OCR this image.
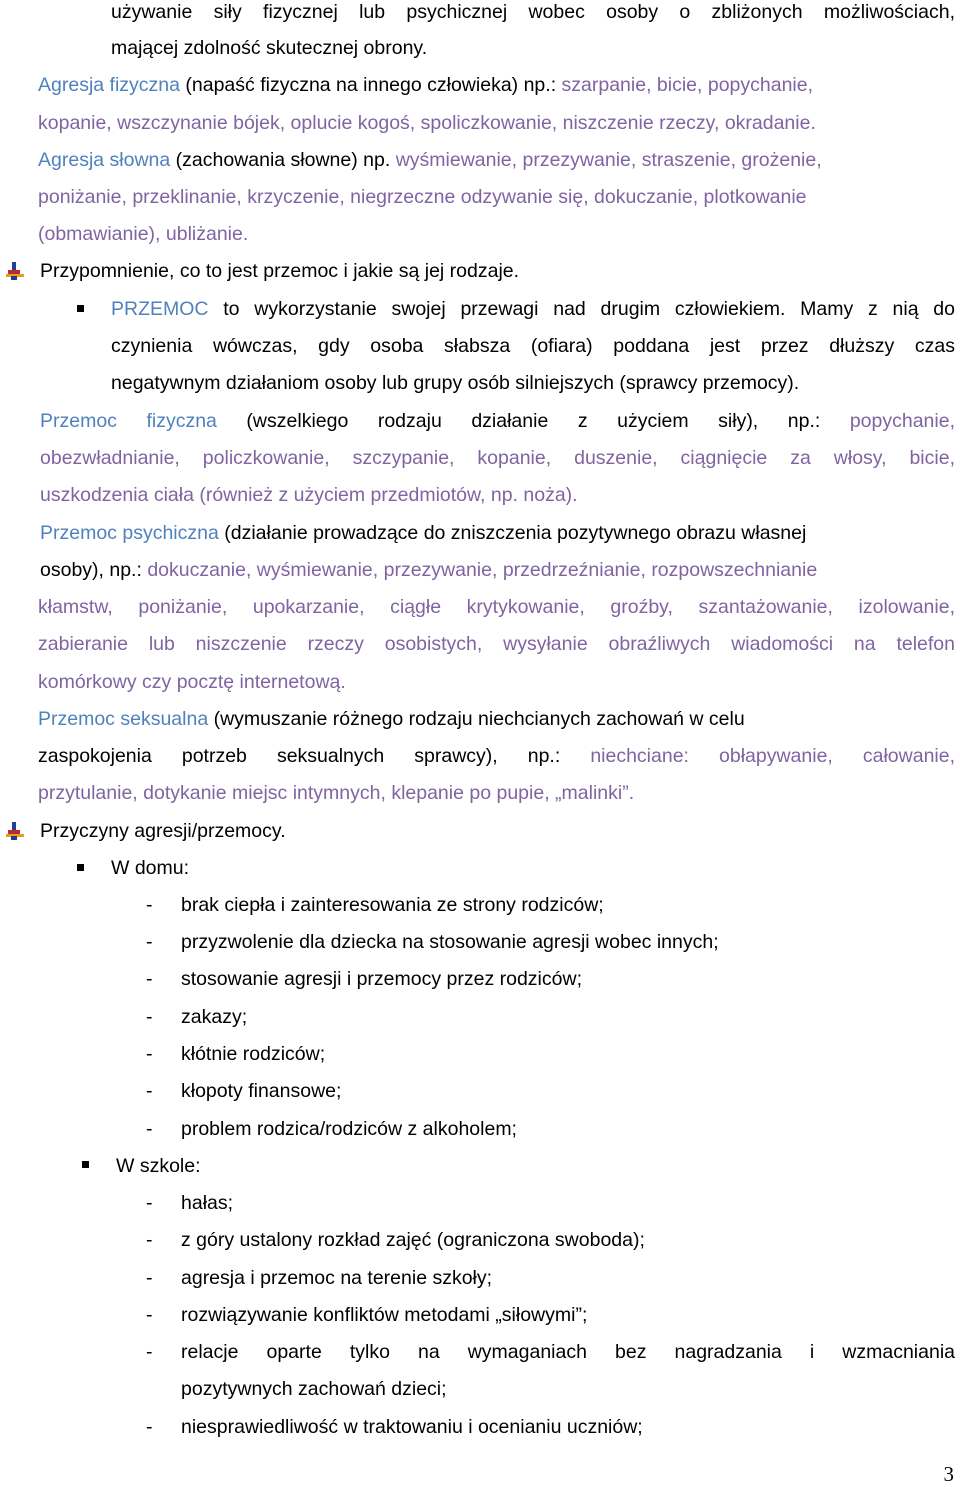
używanie siły fizycznej lub psychicznej wobec osoby o zbliżonych możliwościach,
mającej zdolność skutecznej obrony.
Agresja fizyczna (napaść fizyczna na innego człowieka) np.: szarpanie, bicie, popychanie,
kopanie, wszczynanie bójek, oplucie kogoś, spoliczkowanie, niszczenie rzeczy, okradanie.
Agresja słowna (zachowania słowne) np. wyśmiewanie, przezywanie, straszenie, grożenie,
poniżanie, przeklinanie, krzyczenie, niegrzeczne odzywanie się, dokuczanie, plotkowanie
(obmawianie), ubliżanie.
Przypomnienie, co to jest przemoc i jakie są jej rodzaje.
PRZEMOC to wykorzystanie swojej przewagi nad drugim człowiekiem. Mamy z nią do
czynienia wówczas, gdy osoba słabsza (ofiara) poddana jest przez dłuższy czas
negatywnym działaniom osoby lub grupy osób silniejszych (sprawcy przemocy).
Przemoc fizyczna (wszelkiego rodzaju działanie z użyciem siły), np.: popychanie,
obezwładnianie, policzkowanie, szczypanie, kopanie, duszenie, ciągnięcie za włosy, bicie,
uszkodzenia ciała (również z użyciem przedmiotów, np. noża).
Przemoc psychiczna (działanie prowadzące do zniszczenia pozytywnego obrazu własnej
osoby), np.: dokuczanie, wyśmiewanie, przezywanie, przedrzeźnianie, rozpowszechnianie
kłamstw, poniżanie, upokarzanie, ciągłe krytykowanie, groźby, szantażowanie, izolowanie,
zabieranie lub niszczenie rzeczy osobistych, wysyłanie obraźliwych wiadomości na telefon
komórkowy czy pocztę internetową.
Przemoc seksualna (wymuszanie różnego rodzaju niechcianych zachowań w celu
zaspokojenia potrzeb seksualnych sprawcy), np.: niechciane: obłapywanie, całowanie,
przytulanie, dotykanie miejsc intymnych, klepanie po pupie, „malinki”.
Przyczyny agresji/przemocy.
W domu:
- brak ciepła i zainteresowania ze strony rodziców;
- przyzwolenie dla dziecka na stosowanie agresji wobec innych;
- stosowanie agresji i przemocy przez rodziców;
- zakazy;
- kłótnie rodziców;
- kłopoty finansowe;
- problem rodzica/rodziców z alkoholem;
W szkole:
- hałas;
- z góry ustalony rozkład zajęć (ograniczona swoboda);
- agresja i przemoc na terenie szkoły;
- rozwiązywanie konfliktów metodami „siłowymi”;
- relacje oparte tylko na wymaganiach bez nagradzania i wzmacniania
pozytywnych zachowań dzieci;
- niesprawiedliwość w traktowaniu i ocenianiu uczniów;
3
